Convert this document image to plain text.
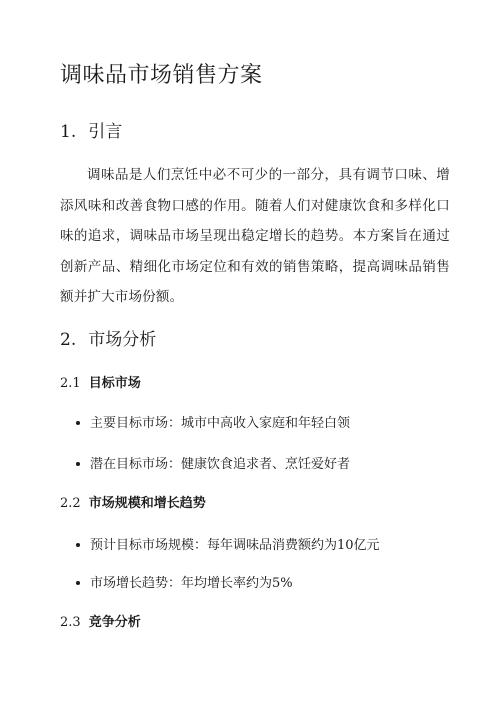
调味品市场销售方案
1. 引言

调味品是人们烹饪中必不可少的一部分，具有调节口味、增添风味和改善食物口感的作用。随着人们对健康饮食和多样化口味的追求，调味品市场呈现出稳定增长的趋势。本方案旨在通过创新产品、精细化市场定位和有效的销售策略，提高调味品销售额并扩大市场份额。

2. 市场分析
2.1 目标市场
主要目标市场：城市中高收入家庭和年轻白领
潜在目标市场：健康饮食追求者、烹饪爱好者
2.2 市场规模和增长趋势
预计目标市场规模：每年调味品消费额约为10亿元
市场增长趋势：年均增长率约为5%
2.3 竞争分析
